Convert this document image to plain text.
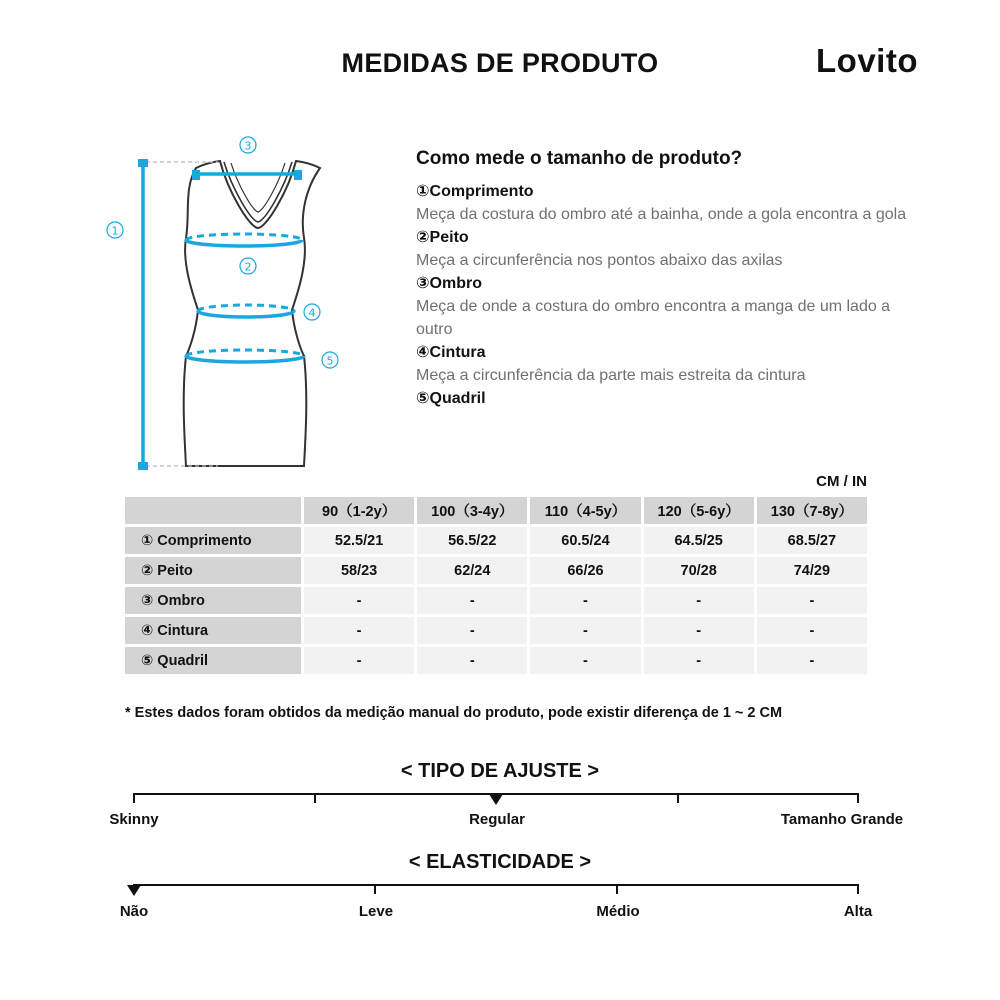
MEDIDAS DE PRODUTO	Lovito
1
2
3
4
5
Como mede o tamanho de produto?
①Comprimento
Meça da costura do ombro até a bainha, onde a gola encontra a gola
②Peito
Meça a circunferência nos pontos abaixo das axilas
③Ombro
Meça de onde a costura do ombro encontra a manga de um lado a outro
④Cintura
Meça a circunferência da parte mais estreita da cintura
⑤Quadril
CM / IN
	90（1-2y）	100（3-4y）	110（4-5y）	120（5-6y）	130（7-8y）
① Comprimento	52.5/21	56.5/22	60.5/24	64.5/25	68.5/27
② Peito	58/23	62/24	66/26	70/28	74/29
③ Ombro	-	-	-	-	-
④ Cintura	-	-	-	-	-
⑤ Quadril	-	-	-	-	-
* Estes dados foram obtidos da medição manual do produto, pode existir diferença de 1 ~ 2 CM
< TIPO DE AJUSTE >
Skinny	Regular	Tamanho Grande
< ELASTICIDADE >
Não	Leve	Médio	Alta
